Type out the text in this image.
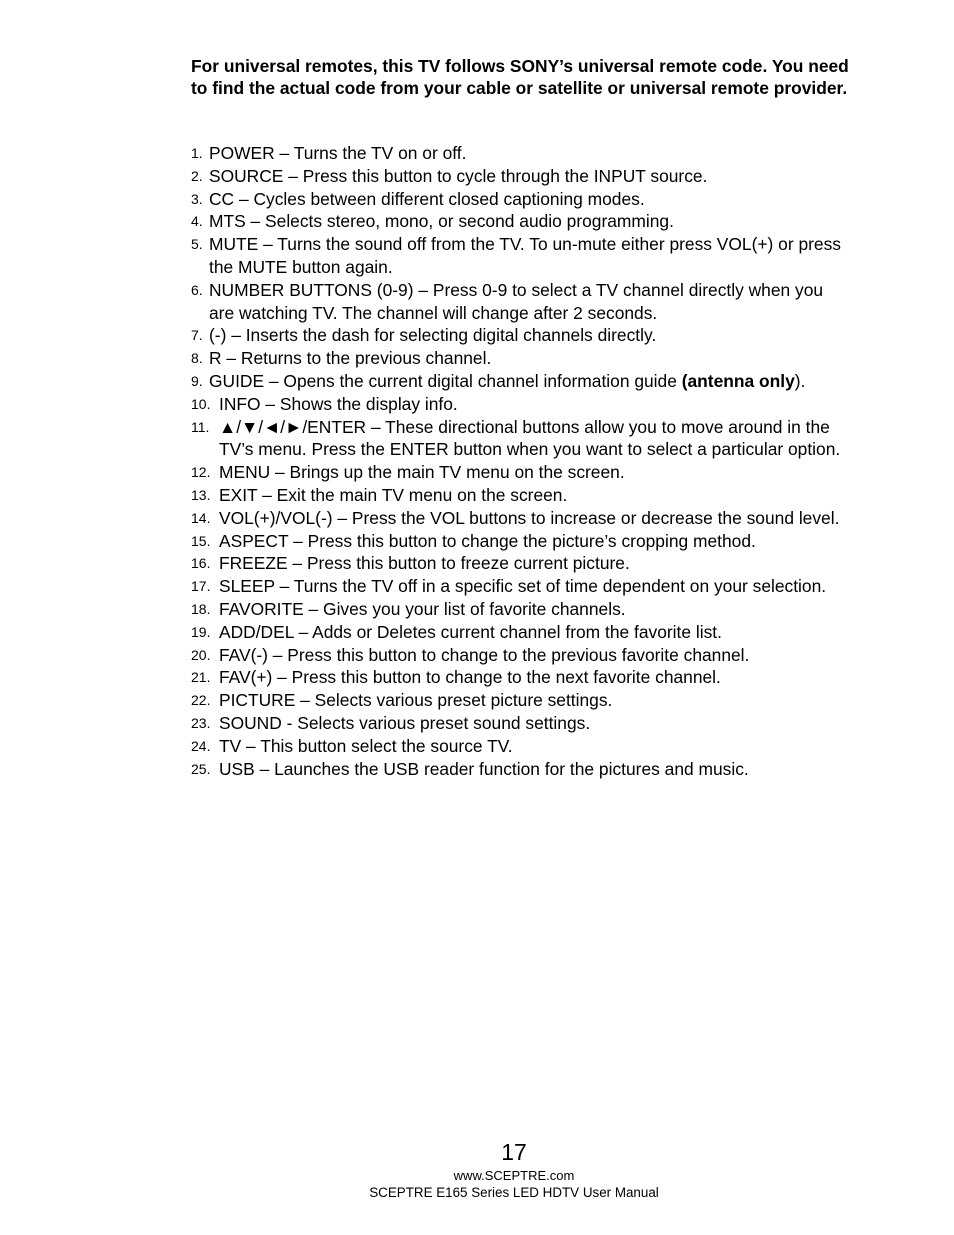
For universal remotes, this TV follows SONY’s universal remote code. You need to find the actual code from your cable or satellite or universal remote provider.
1. POWER – Turns the TV on or off.
2. SOURCE – Press this button to cycle through the INPUT source.
3. CC – Cycles between different closed captioning modes.
4. MTS – Selects stereo, mono, or second audio programming.
5. MUTE – Turns the sound off from the TV. To un-mute either press VOL(+) or press the MUTE button again.
6. NUMBER BUTTONS (0-9) – Press 0-9 to select a TV channel directly when you are watching TV. The channel will change after 2 seconds.
7. (-) – Inserts the dash for selecting digital channels directly.
8. R – Returns to the previous channel.
9. GUIDE – Opens the current digital channel information guide (antenna only).
10. INFO – Shows the display info.
11. ▲/▼/◄/►/ENTER – These directional buttons allow you to move around in the TV’s menu. Press the ENTER button when you want to select a particular option.
12. MENU – Brings up the main TV menu on the screen.
13. EXIT – Exit the main TV menu on the screen.
14. VOL(+)/VOL(-) – Press the VOL buttons to increase or decrease the sound level.
15. ASPECT – Press this button to change the picture’s cropping method.
16. FREEZE – Press this button to freeze current picture.
17. SLEEP – Turns the TV off in a specific set of time dependent on your selection.
18. FAVORITE – Gives you your list of favorite channels.
19. ADD/DEL – Adds or Deletes current channel from the favorite list.
20. FAV(-) – Press this button to change to the previous favorite channel.
21. FAV(+) – Press this button to change to the next favorite channel.
22. PICTURE – Selects various preset picture settings.
23. SOUND - Selects various preset sound settings.
24. TV – This button select the source TV.
25. USB – Launches the USB reader function for the pictures and music.
17
www.SCEPTRE.com
SCEPTRE E165 Series LED HDTV User Manual
